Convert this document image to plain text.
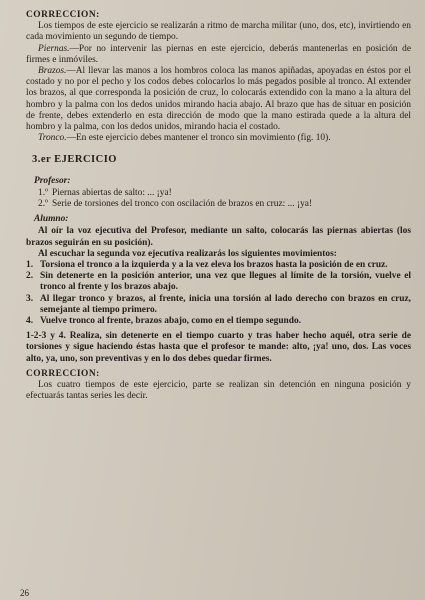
CORRECCION:

Los tiempos de este ejercicio se realizarán a ritmo de marcha militar (uno, dos, etc), invirtiendo en cada movimiento un segundo de tiempo.

Piernas.—Por no intervenir las piernas en este ejercicio, deberás mantenerlas en posición de firmes e inmóviles.

Brazos.—Al llevar las manos a los hombros coloca las manos apiñadas, apoyadas en éstos por el costado y no por el pecho y los codos debes colocarlos lo más pegados posible al tronco. Al extender los brazos, al que corresponda la posición de cruz, lo colocarás extendido con la mano a la altura del hombro y la palma con los dedos unidos mirando hacia abajo. Al brazo que has de situar en posición de frente, debes extenderlo en esta dirección de modo que la mano estirada quede a la altura del hombro y la palma, con los dedos unidos, mirando hacia el costado.

Tronco.—En este ejercicio debes mantener el tronco sin movimiento (fig. 10).

3.er EJERCICIO

Profesor:
1.º Piernas abiertas de salto: ... ¡ya!
2.º Serie de torsiones del tronco con oscilación de brazos en cruz: ... ¡ya!
Alumno:

Al oír la voz ejecutiva del Profesor, mediante un salto, colocarás las piernas abiertas (los brazos seguirán en su posición).

Al escuchar la segunda voz ejecutiva realizarás los siguientes movimientos:

1. Torsiona el tronco a la izquierda y a la vez eleva los brazos hasta la posición de en cruz.
2. Sin detenerte en la posición anterior, una vez que llegues al límite de la torsión, vuelve el tronco al frente y los brazos abajo.
3. Al llegar tronco y brazos, al frente, inicia una torsión al lado derecho con brazos en cruz, semejante al tiempo primero.
4. Vuelve tronco al frente, brazos abajo, como en el tiempo segundo.

1-2-3 y 4. Realiza, sin detenerte en el tiempo cuarto y tras haber hecho aquél, otra serie de torsiones y sigue haciendo éstas hasta que el profesor te mande: alto, ¡ya! uno, dos. Las voces alto, ya, uno, son preventivas y en lo dos debes quedar firmes.

CORRECCION:

Los cuatro tiempos de este ejercicio, parte se realizan sin detención en ninguna posición y efectuarás tantas series les decir.

26
